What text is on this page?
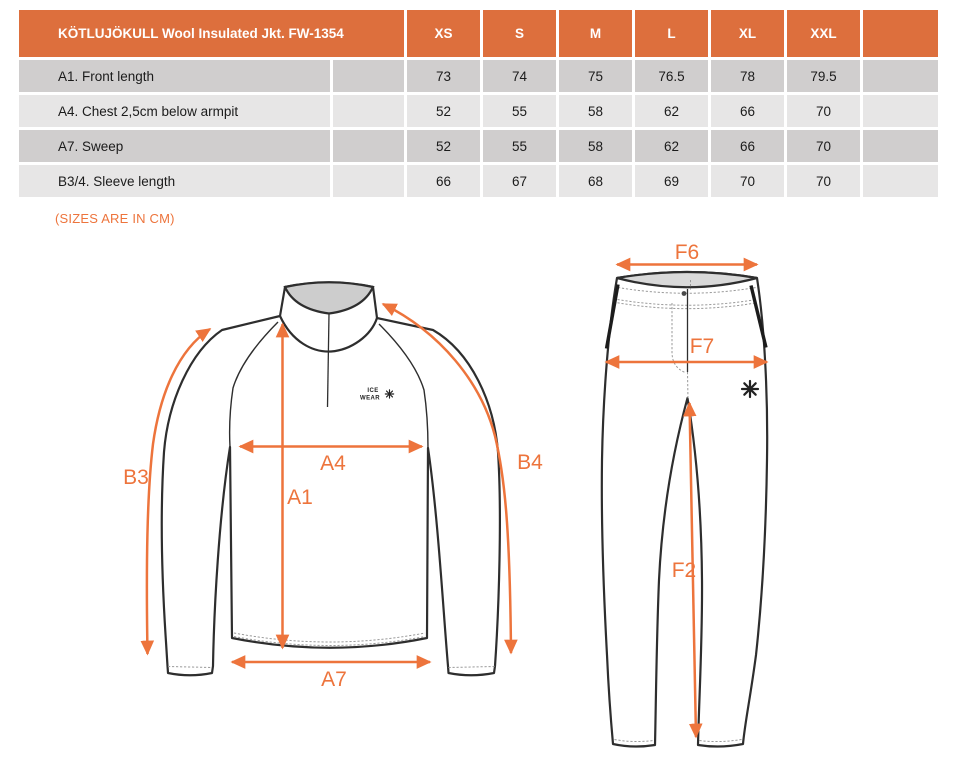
KÖTLUJÖKULL Wool Insulated Jkt. FW-1354	XS	S	M	L	XL	XXL
A1. Front length	73	74	75	76.5	78	79.5
A4. Chest 2,5cm below armpit	52	55	58	62	66	70
A7. Sweep	52	55	58	62	66	70
B3/4. Sleeve length	66	67	68	69	70	70
(SIZES ARE IN CM)
ICE
WEAR
A4
A1
A7
B3
B4
F6
F7
F2
